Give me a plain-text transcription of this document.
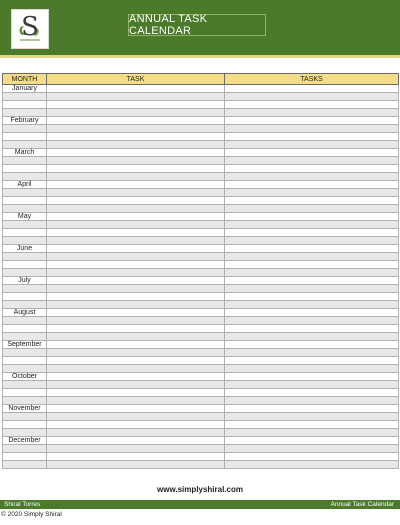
S	ANNUAL TASK CALENDAR
MONTH	TASK	TASKS
January		

February		

March		

April		

May		

June		

July		

August		

September		

October		

November		

December		

www.simplyshiral.com
Shiral Torres	Annual Task Calendar
© 2020 Simply Shiral
